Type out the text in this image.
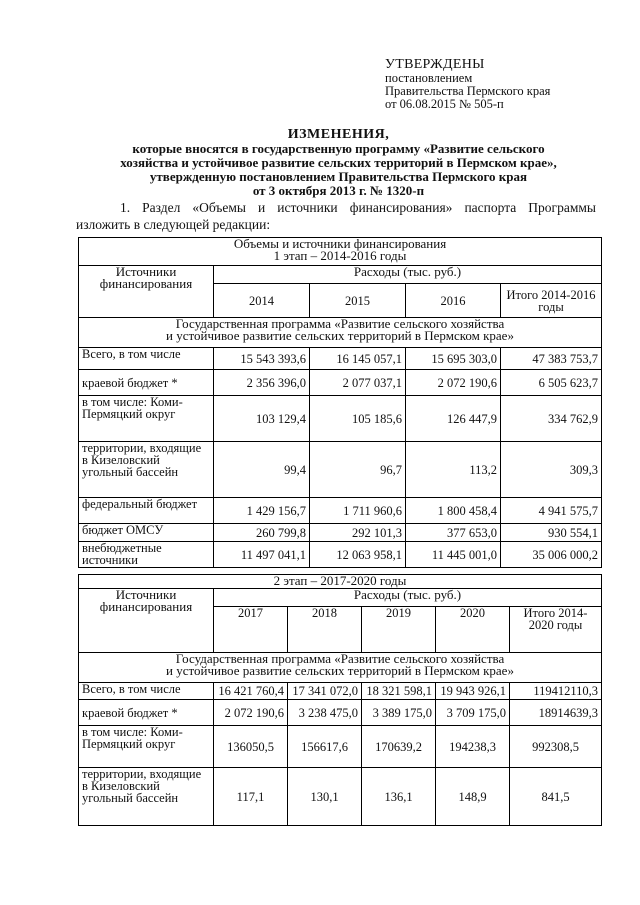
УТВЕРЖДЕНЫ
постановлением
Правительства Пермского края
от 06.08.2015 № 505-п
ИЗМЕНЕНИЯ,
которые вносятся в государственную программу «Развитие сельского
хозяйства и устойчивое развитие сельских территорий в Пермском крае»,
утвержденную постановлением Правительства Пермского края
от 3 октября 2013 г. № 1320-п
1. Раздел «Объемы и источники финансирования» паспорта Программы
изложить в следующей редакции:
Объемы и источники финансирования
1 этап – 2014-2016 годы				

Источники финансирования	Расходы (тыс. руб.)			
	2014	2015	2016	Итого 2014-2016 годы

Государственная программа «Развитие сельского хозяйства
и устойчивое развитие сельских территорий в Пермском крае»				

Всего, в том числе	15 543 393,6	16 145 057,1	15 695 303,0	47 383 753,7
краевой бюджет *	2 356 396,0	2 077 037,1	2 072 190,6	6 505 623,7
в том числе: Коми-Пермяцкий округ	103 129,4	105 185,6	126 447,9	334 762,9
территории, входящие в Кизеловский угольный бассейн	99,4	96,7	113,2	309,3
федеральный бюджет	1 429 156,7	1 711 960,6	1 800 458,4	4 941 575,7
бюджет ОМСУ	260 799,8	292 101,3	377 653,0	930 554,1
внебюджетные источники	11 497 041,1	12 063 958,1	11 445 001,0	35 006 000,2
2 этап – 2017-2020 годы					
Источники финансирования	Расходы (тыс. руб.)				
	2017	2018	2019	2020	Итого 2014-2020 годы

Государственная программа «Развитие сельского хозяйства
и устойчивое развитие сельских территорий в Пермском крае»					

Всего, в том числе	16 421 760,4	17 341 072,0	18 321 598,1	19 943 926,1	119412110,3
краевой бюджет *	2 072 190,6	3 238 475,0	3 389 175,0	3 709 175,0	18914639,3
в том числе: Коми-Пермяцкий округ	136050,5	156617,6	170639,2	194238,3	992308,5
территории, входящие в Кизеловский угольный бассейн	117,1	130,1	136,1	148,9	841,5
